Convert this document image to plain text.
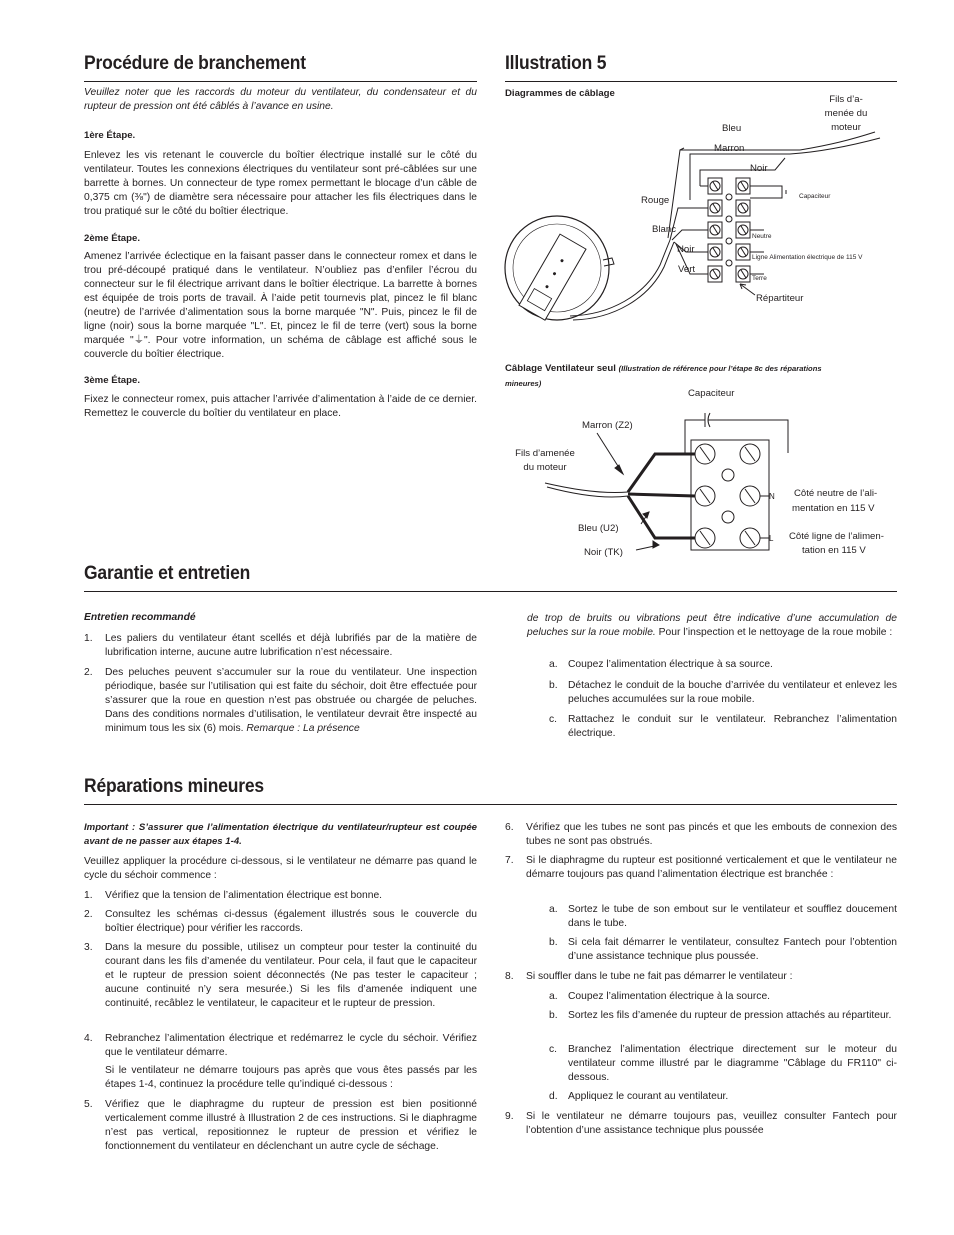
Procédure de branchement	Illustration 5
Garantie et entretien
Réparations mineures
Veuillez noter que les raccords du moteur du ventilateur, du condensateur et du rupteur de pression ont été câblés à l’avance en usine.
1ère Étape.
Enlevez les vis retenant le couvercle du boîtier électrique installé sur le côté du ventilateur. Toutes les connexions électriques du ventilateur sont pré-câblées sur une barrette à bornes. Un connecteur de type romex permettant le blocage d’un câble de 0,375 cm (⅜") de diamètre sera nécessaire pour attacher les fils électriques dans le trou pratiqué sur le côté du boîtier électrique.
2ème Étape.
Amenez l’arrivée éclectique en la faisant passer dans le connecteur romex et dans le trou pré-découpé pratiqué dans le ventilateur. N’oubliez pas d’enfiler l’écrou du connecteur sur le fil électrique arrivant dans le boîtier électrique. La barrette à bornes est équipée de trois ports de travail. À l’aide petit tournevis plat, pincez le fil blanc (neutre) de l’arrivée d’alimentation sous la borne marquée "N". Puis, pincez le fil de ligne (noir) sous la borne marquée "L". Et, pincez le fil de terre (vert) sous la borne marquée "⏚". Pour votre information, un schéma de câblage est affiché sous le couvercle du boîtier électrique.
3ème Étape.
Fixez le connecteur romex, puis attacher l’arrivée d’alimentation à l’aide de ce dernier. Remettez le couvercle du boîtier du ventilateur en place.
Diagrammes de câblage
Fils d’a-
menée du
moteur
Bleu
Marron
Noir
Rouge
Blanc
Noir
Vert
Capaciteur
Neutre
Ligne Alimentation électrique de 115 V
Terre
Répartiteur
Câblage Ventilateur seul (Illustration de référence pour l’étape 8c des réparations
mineures)
Capaciteur
Marron (Z2)
Fils d’amenée
du moteur
Bleu (U2)
Noir (TK)
N
L
Côté neutre de l’ali-
mentation en 115 V
Côté ligne de l’alimen-
tation en 115 V
Entretien recommandé
1. Les paliers du ventilateur étant scellés et déjà lubrifiés par de la matière de lubrification interne, aucune autre lubrification n’est nécessaire.
2. Des peluches peuvent s’accumuler sur la roue du ventilateur. Une inspection périodique, basée sur l’utilisation qui est faite du séchoir, doit être effectuée pour s’assurer que la roue en question n’est pas obstruée ou chargée de peluches. Dans des conditions normales d’utilisation, le ventilateur devrait être inspecté au minimum tous les six (6) mois. Remarque : La présence
de trop de bruits ou vibrations peut être indicative d’une accumulation de peluches sur la roue mobile. Pour l’inspection et le nettoyage de la roue mobile :
a. Coupez l’alimentation électrique à sa source.
b. Détachez le conduit de la bouche d’arrivée du ventilateur et enlevez les peluches accumulées sur la roue mobile.
c. Rattachez le conduit sur le ventilateur. Rebranchez l’alimentation électrique.
Important : S’assurer que l’alimentation électrique du ventilateur/rupteur est coupée avant de ne passer aux étapes 1-4.
Veuillez appliquer la procédure ci-dessous, si le ventilateur ne démarre pas quand le cycle du séchoir commence :
1. Vérifiez que la tension de l’alimentation électrique est bonne.
2. Consultez les schémas ci-dessus (également illustrés sous le couvercle du boîtier électrique) pour vérifier les raccords.
3. Dans la mesure du possible, utilisez un compteur pour tester la continuité du courant dans les fils d’amenée du ventilateur. Pour cela, il faut que le capaciteur et le rupteur de pression soient déconnectés (Ne pas tester le capaciteur ; aucune continuité n’y sera mesurée.) Si les fils d’amenée indiquent une continuité, recâblez le ventilateur, le capaciteur et le rupteur de pression.
4. Rebranchez l’alimentation électrique et redémarrez le cycle du séchoir. Vérifiez que le ventilateur démarre.
Si le ventilateur ne démarre toujours pas après que vous êtes passés par les étapes 1-4, continuez la procédure telle qu’indiqué ci-dessous :
5. Vérifiez que le diaphragme du rupteur de pression est bien positionné verticalement comme illustré à Illustration 2 de ces instructions. Si le diaphragme n’est pas vertical, repositionnez le rupteur de pression et vérifiez le fonctionnement du ventilateur en déclenchant un autre cycle de séchage.
6. Vérifiez que les tubes ne sont pas pincés et que les embouts de connexion des tubes ne sont pas obstrués.
7. Si le diaphragme du rupteur est positionné verticalement et que le ventilateur ne démarre toujours pas quand l’alimentation électrique est branchée :
a. Sortez le tube de son embout sur le ventilateur et soufflez doucement dans le tube.
b. Si cela fait démarrer le ventilateur, consultez Fantech pour l’obtention d’une assistance technique plus poussée.
8. Si souffler dans le tube ne fait pas démarrer le ventilateur :
a. Coupez l’alimentation électrique à la source.
b. Sortez les fils d’amenée du rupteur de pression attachés au répartiteur.
c. Branchez l’alimentation électrique directement sur le moteur du ventilateur comme illustré par le diagramme "Câblage du FR110" ci-dessous.
d. Appliquez le courant au ventilateur.
9. Si le ventilateur ne démarre toujours pas, veuillez consulter Fantech pour l’obtention d’une assistance technique plus poussée
